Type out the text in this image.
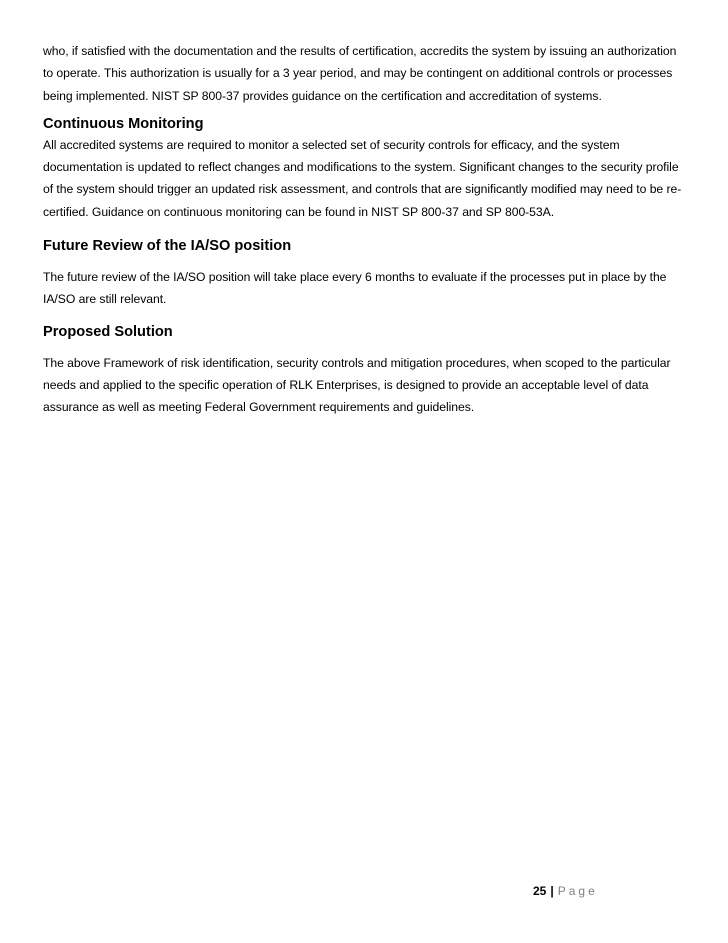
who, if satisfied with the documentation and the results of certification, accredits the system by issuing an authorization to operate. This authorization is usually for a 3 year period, and may be contingent on additional controls or processes being implemented. NIST SP 800-37 provides guidance on the certification and accreditation of systems.

Continuous Monitoring

All accredited systems are required to monitor a selected set of security controls for efficacy, and the system documentation is updated to reflect changes and modifications to the system. Significant changes to the security profile of the system should trigger an updated risk assessment, and controls that are significantly modified may need to be re-certified. Guidance on continuous monitoring can be found in NIST SP 800-37 and SP 800-53A.

Future Review of the IA/SO position

The future review of the IA/SO position will take place every 6 months to evaluate if the processes put in place by the IA/SO are still relevant.

Proposed Solution

The above Framework of risk identification, security controls and mitigation procedures, when scoped to the particular needs and applied to the specific operation of RLK Enterprises, is designed to provide an acceptable level of data assurance as well as meeting Federal Government requirements and guidelines.

25 | Page
